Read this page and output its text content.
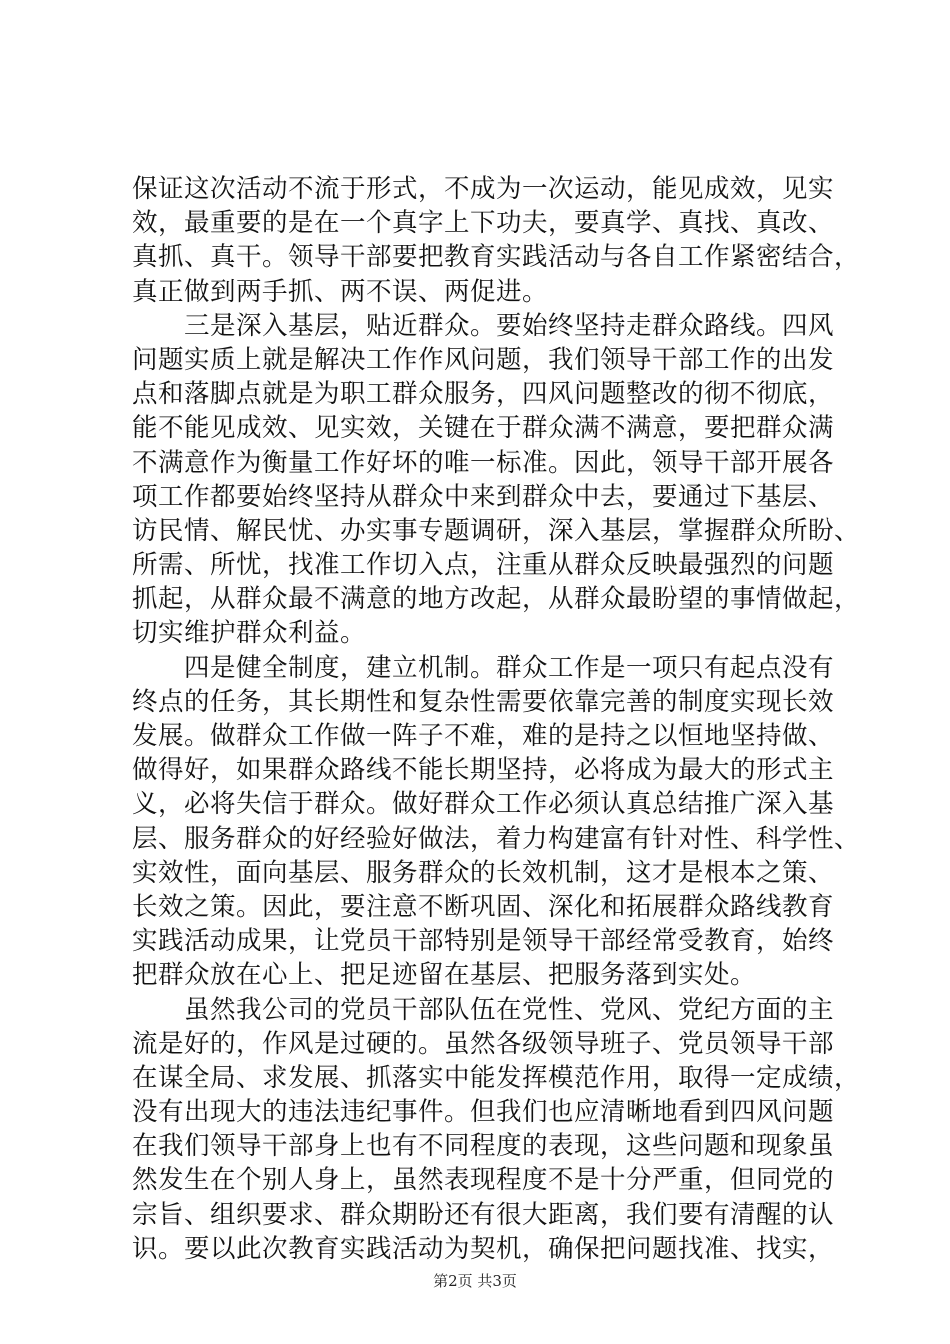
保证这次活动不流于形式，不成为一次运动，能见成效，见实
效，最重要的是在一个真字上下功夫，要真学、真找、真改、
真抓、真干。领导干部要把教育实践活动与各自工作紧密结合，
真正做到两手抓、两不误、两促进。
三是深入基层，贴近群众。要始终坚持走群众路线。四风
问题实质上就是解决工作作风问题，我们领导干部工作的出发
点和落脚点就是为职工群众服务，四风问题整改的彻不彻底，
能不能见成效、见实效，关键在于群众满不满意，要把群众满
不满意作为衡量工作好坏的唯一标准。因此，领导干部开展各
项工作都要始终坚持从群众中来到群众中去，要通过下基层、
访民情、解民忧、办实事专题调研，深入基层，掌握群众所盼、
所需、所忧，找准工作切入点，注重从群众反映最强烈的问题
抓起，从群众最不满意的地方改起，从群众最盼望的事情做起，
切实维护群众利益。
四是健全制度，建立机制。群众工作是一项只有起点没有
终点的任务，其长期性和复杂性需要依靠完善的制度实现长效
发展。做群众工作做一阵子不难，难的是持之以恒地坚持做、
做得好，如果群众路线不能长期坚持，必将成为最大的形式主
义，必将失信于群众。做好群众工作必须认真总结推广深入基
层、服务群众的好经验好做法，着力构建富有针对性、科学性、
实效性，面向基层、服务群众的长效机制，这才是根本之策、
长效之策。因此，要注意不断巩固、深化和拓展群众路线教育
实践活动成果，让党员干部特别是领导干部经常受教育，始终
把群众放在心上、把足迹留在基层、把服务落到实处。
虽然我公司的党员干部队伍在党性、党风、党纪方面的主
流是好的，作风是过硬的。虽然各级领导班子、党员领导干部
在谋全局、求发展、抓落实中能发挥模范作用，取得一定成绩，
没有出现大的违法违纪事件。但我们也应清晰地看到四风问题
在我们领导干部身上也有不同程度的表现，这些问题和现象虽
然发生在个别人身上，虽然表现程度不是十分严重，但同党的
宗旨、组织要求、群众期盼还有很大距离，我们要有清醒的认
识。要以此次教育实践活动为契机，确保把问题找准、找实，
第2页 共3页
